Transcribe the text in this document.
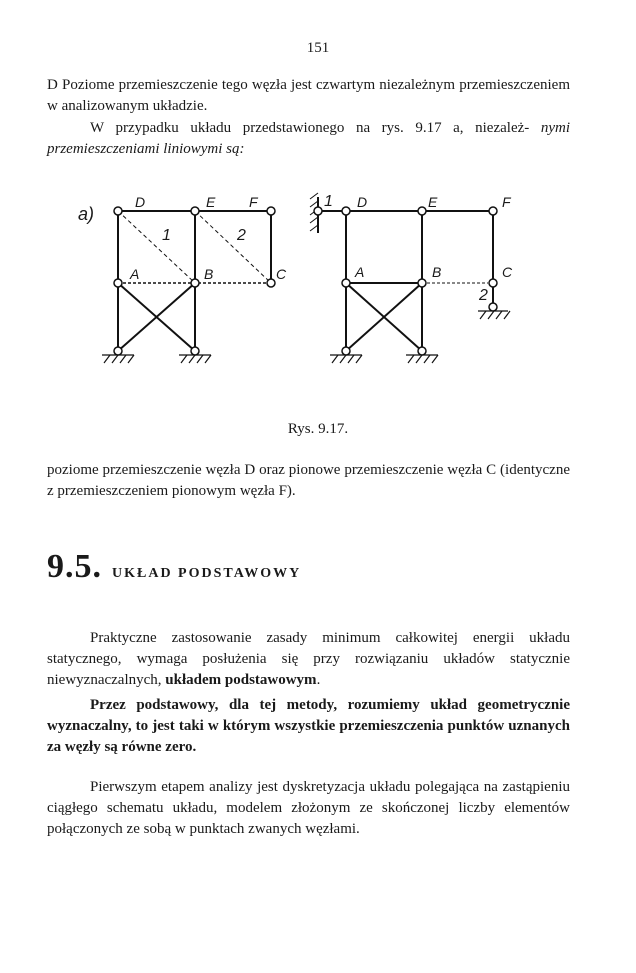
151

D Poziome przemieszczenie tego węzła jest czwartym niezależnym przemieszczeniem w analizowanym układzie.

W przypadku układu przedstawionego na rys. 9.17 a, niezależ- nymi przemieszczeniami liniowymi są:

a)
D	E F
A	B	C
1	2
1 D	E	F
A	B	C
2
Rys. 9.17.

poziome przemieszczenie węzła D oraz pionowe przemieszczenie węzła C (identyczne z przemieszczeniem pionowym węzła F).

9.5. UKŁAD PODSTAWOWY

Praktyczne zastosowanie zasady minimum całkowitej energii układu statycznego, wymaga posłużenia się przy rozwiązaniu układów statycznie niewyznaczalnych, układem podstawowym.

Przez podstawowy, dla tej metody, rozumiemy układ geometrycznie wyznaczalny, to jest taki w którym wszystkie przemieszczenia punktów uznanych za węzły są równe zero.

Pierwszym etapem analizy jest dyskretyzacja układu polegająca na zastąpieniu ciągłego schematu układu, modelem złożonym ze skończonej liczby elementów połączonych ze sobą w punktach zwanych węzłami.
